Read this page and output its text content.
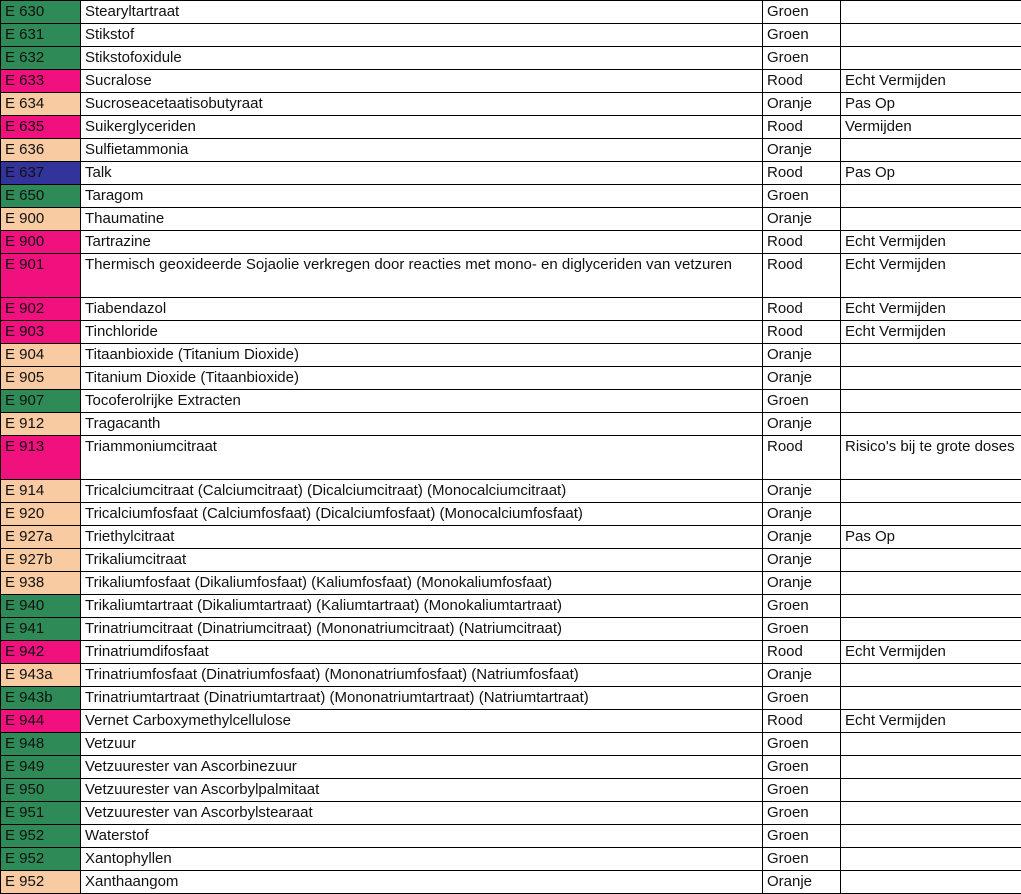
E 630	Stearyltartraat	Groen	
E 631	Stikstof	Groen	
E 632	Stikstofoxidule	Groen	
E 633	Sucralose	Rood	Echt Vermijden
E 634	Sucroseacetaatisobutyraat	Oranje	Pas Op
E 635	Suikerglyceriden	Rood	Vermijden
E 636	Sulfietammonia	Oranje	
E 637	Talk	Rood	Pas Op
E 650	Taragom	Groen	
E 900	Thaumatine	Oranje	
E 900	Tartrazine	Rood	Echt Vermijden
E 901	Thermisch geoxideerde Sojaolie verkregen door reacties met mono- en diglyceriden van vetzuren	Rood	Echt Vermijden
E 902	Tiabendazol	Rood	Echt Vermijden
E 903	Tinchloride	Rood	Echt Vermijden
E 904	Titaanbioxide (Titanium Dioxide)	Oranje	
E 905	Titanium Dioxide (Titaanbioxide)	Oranje	
E 907	Tocoferolrijke Extracten	Groen	
E 912	Tragacanth	Oranje	
E 913	Triammoniumcitraat	Rood	Risico's bij te grote doses
E 914	Tricalciumcitraat (Calciumcitraat) (Dicalciumcitraat) (Monocalciumcitraat)	Oranje	
E 920	Tricalciumfosfaat (Calciumfosfaat) (Dicalciumfosfaat) (Monocalciumfosfaat)	Oranje	
E 927a	Triethylcitraat	Oranje	Pas Op
E 927b	Trikaliumcitraat	Oranje	
E 938	Trikaliumfosfaat (Dikaliumfosfaat) (Kaliumfosfaat) (Monokaliumfosfaat)	Oranje	
E 940	Trikaliumtartraat (Dikaliumtartraat) (Kaliumtartraat) (Monokaliumtartraat)	Groen	
E 941	Trinatriumcitraat (Dinatriumcitraat) (Mononatriumcitraat) (Natriumcitraat)	Groen	
E 942	Trinatriumdifosfaat	Rood	Echt Vermijden
E 943a	Trinatriumfosfaat (Dinatriumfosfaat) (Mononatriumfosfaat) (Natriumfosfaat)	Oranje	
E 943b	Trinatriumtartraat (Dinatriumtartraat) (Mononatriumtartraat) (Natriumtartraat)	Groen	
E 944	Vernet Carboxymethylcellulose	Rood	Echt Vermijden
E 948	Vetzuur	Groen	
E 949	Vetzuurester van Ascorbinezuur	Groen	
E 950	Vetzuurester van Ascorbylpalmitaat	Groen	
E 951	Vetzuurester van Ascorbylstearaat	Groen	
E 952	Waterstof	Groen	
E 952	Xantophyllen	Groen	
E 952	Xanthaangom	Oranje	
